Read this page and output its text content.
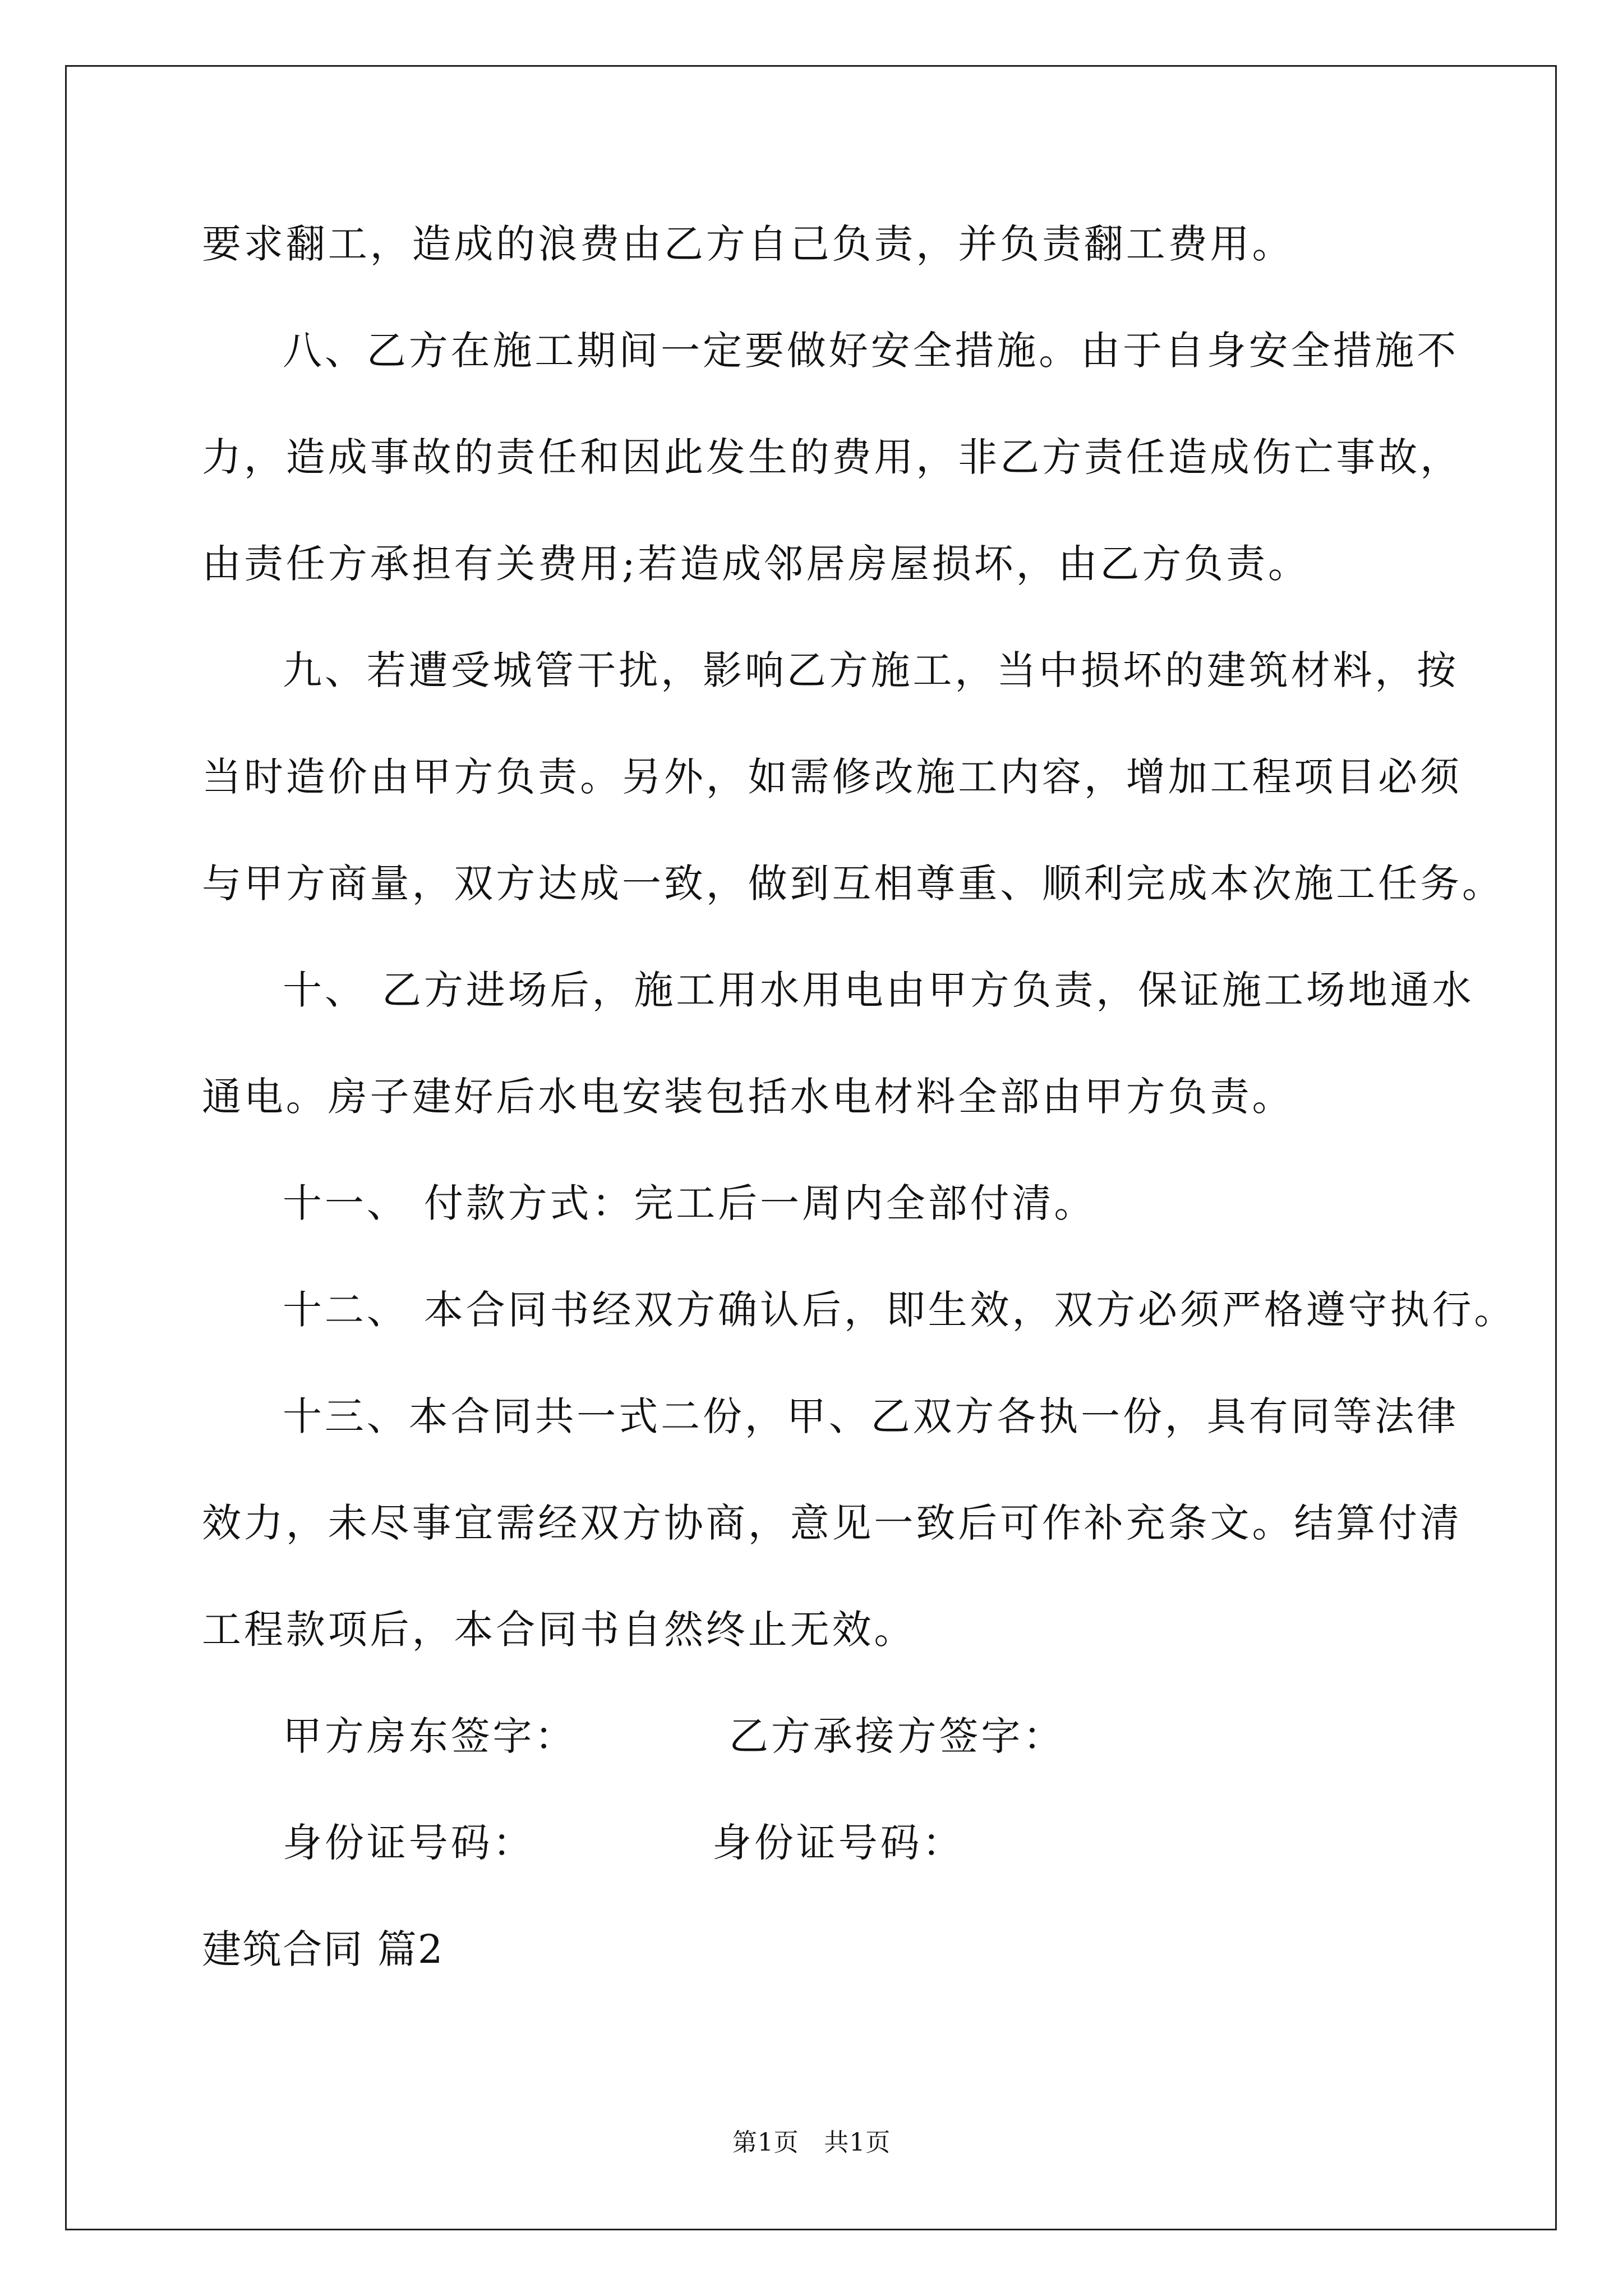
要求翻工，造成的浪费由乙方自己负责，并负责翻工费用。
八、乙方在施工期间一定要做好安全措施。由于自身安全措施不
力，造成事故的责任和因此发生的费用，非乙方责任造成伤亡事故，
由责任方承担有关费用;若造成邻居房屋损坏，由乙方负责。
九、若遭受城管干扰，影响乙方施工，当中损坏的建筑材料，按
当时造价由甲方负责。另外，如需修改施工内容，增加工程项目必须
与甲方商量，双方达成一致，做到互相尊重、顺利完成本次施工任务。
十、 乙方进场后，施工用水用电由甲方负责，保证施工场地通水
通电。房子建好后水电安装包括水电材料全部由甲方负责。
十一、 付款方式：完工后一周内全部付清。
十二、 本合同书经双方确认后，即生效，双方必须严格遵守执行。
十三、本合同共一式二份，甲、乙双方各执一份，具有同等法律
效力，未尽事宜需经双方协商，意见一致后可作补充条文。结算付清
工程款项后，本合同书自然终止无效。
甲方房东签字：	乙方承接方签字：
身份证号码：	身份证号码：
建筑合同 篇2
第1页　共1页
